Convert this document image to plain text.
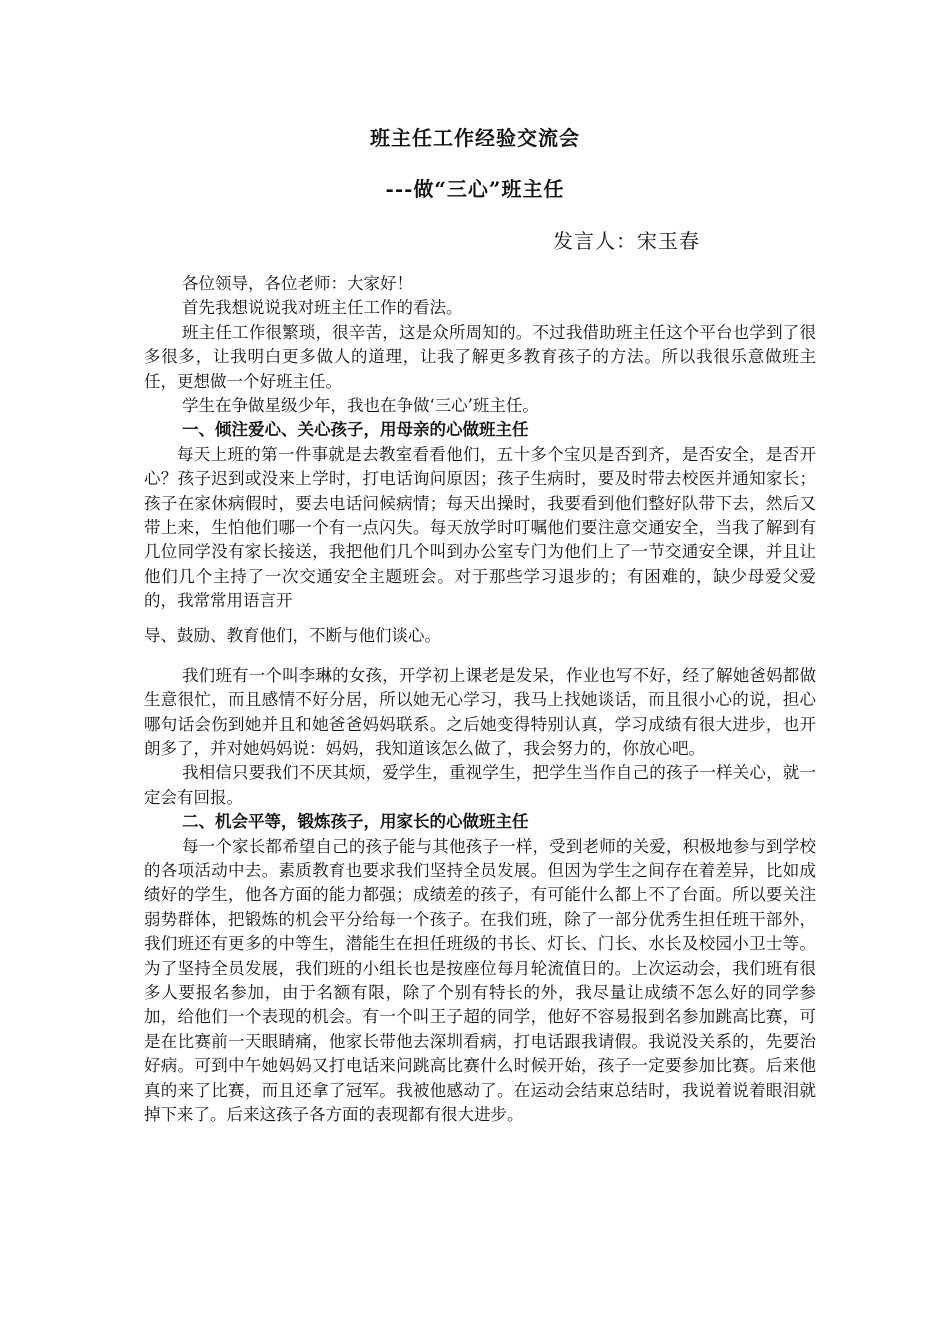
班主任工作经验交流会
---做“三心”班主任
发言人：宋玉春

各位领导，各位老师：大家好！

首先我想说说我对班主任工作的看法。

班主任工作很繁琐，很辛苦，这是众所周知的。不过我借助班主任这个平台也学到了很多很多，让我明白更多做人的道理，让我了解更多教育孩子的方法。所以我很乐意做班主任，更想做一个好班主任。

学生在争做星级少年，我也在争做‘三心’班主任。

一、倾注爱心、关心孩子，用母亲的心做班主任

每天上班的第一件事就是去教室看看他们，五十多个宝贝是否到齐，是否安全，是否开心？孩子迟到或没来上学时，打电话询问原因；孩子生病时，要及时带去校医并通知家长；孩子在家休病假时，要去电话问候病情；每天出操时，我要看到他们整好队带下去，然后又带上来，生怕他们哪一个有一点闪失。每天放学时叮嘱他们要注意交通安全，当我了解到有几位同学没有家长接送，我把他们几个叫到办公室专门为他们上了一节交通安全课，并且让他们几个主持了一次交通安全主题班会。对于那些学习退步的；有困难的，缺少母爱父爱的，我常常用语言开

导、鼓励、教育他们，不断与他们谈心。

我们班有一个叫李琳的女孩，开学初上课老是发呆，作业也写不好，经了解她爸妈都做生意很忙，而且感情不好分居，所以她无心学习，我马上找她谈话，而且很小心的说，担心哪句话会伤到她并且和她爸爸妈妈联系。之后她变得特别认真，学习成绩有很大进步，也开朗多了，并对她妈妈说：妈妈，我知道该怎么做了，我会努力的，你放心吧。

我相信只要我们不厌其烦，爱学生，重视学生，把学生当作自己的孩子一样关心，就一定会有回报。

二、机会平等，锻炼孩子，用家长的心做班主任

每一个家长都希望自己的孩子能与其他孩子一样，受到老师的关爱，积极地参与到学校的各项活动中去。素质教育也要求我们坚持全员发展。但因为学生之间存在着差异，比如成绩好的学生，他各方面的能力都强；成绩差的孩子，有可能什么都上不了台面。所以要关注弱势群体，把锻炼的机会平分给每一个孩子。在我们班，除了一部分优秀生担任班干部外，我们班还有更多的中等生，潜能生在担任班级的书长、灯长、门长、水长及校园小卫士等。为了坚持全员发展，我们班的小组长也是按座位每月轮流值日的。上次运动会，我们班有很多人要报名参加，由于名额有限，除了个别有特长的外，我尽量让成绩不怎么好的同学参加，给他们一个表现的机会。有一个叫王子超的同学，他好不容易报到名参加跳高比赛，可是在比赛前一天眼睛痛，他家长带他去深圳看病，打电话跟我请假。我说没关系的，先要治好病。可到中午她妈妈又打电话来问跳高比赛什么时候开始，孩子一定要参加比赛。后来他真的来了比赛，而且还拿了冠军。我被他感动了。在运动会结束总结时，我说着说着眼泪就掉下来了。后来这孩子各方面的表现都有很大进步。
